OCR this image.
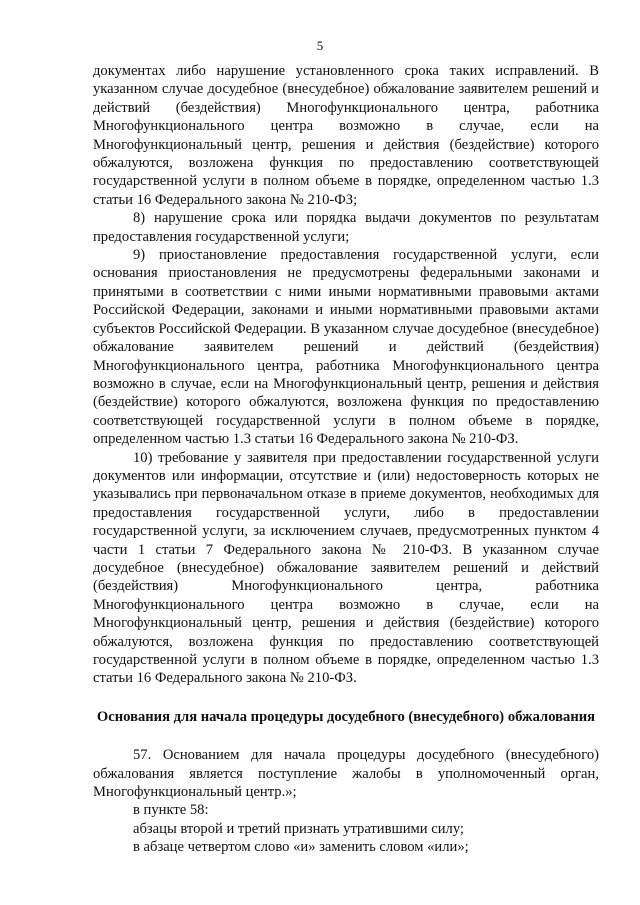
5

документах либо нарушение установленного срока таких исправлений. В указанном случае досудебное (внесудебное) обжалование заявителем решений и действий (бездействия) Многофункционального центра, работника Многофункционального центра возможно в случае, если на Многофункциональный центр, решения и действия (бездействие) которого обжалуются, возложена функция по предоставлению соответствующей государственной услуги в полном объеме в порядке, определенном частью 1.3 статьи 16 Федерального закона № 210-ФЗ;

8) нарушение срока или порядка выдачи документов по результатам предоставления государственной услуги;

9) приостановление предоставления государственной услуги, если основания приостановления не предусмотрены федеральными законами и принятыми в соответствии с ними иными нормативными правовыми актами Российской Федерации, законами и иными нормативными правовыми актами субъектов Российской Федерации. В указанном случае досудебное (внесудебное) обжалование заявителем решений и действий (бездействия) Многофункционального центра, работника Многофункционального центра возможно в случае, если на Многофункциональный центр, решения и действия (бездействие) которого обжалуются, возложена функция по предоставлению соответствующей государственной услуги в полном объеме в порядке, определенном частью 1.3 статьи 16 Федерального закона № 210-ФЗ.

10) требование у заявителя при предоставлении государственной услуги документов или информации, отсутствие и (или) недостоверность которых не указывались при первоначальном отказе в приеме документов, необходимых для предоставления государственной услуги, либо в предоставлении государственной услуги, за исключением случаев, предусмотренных пунктом 4 части 1 статьи 7 Федерального закона № 210-ФЗ. В указанном случае досудебное (внесудебное) обжалование заявителем решений и действий (бездействия) Многофункционального центра, работника Многофункционального центра возможно в случае, если на Многофункциональный центр, решения и действия (бездействие) которого обжалуются, возложена функция по предоставлению соответствующей государственной услуги в полном объеме в порядке, определенном частью 1.3 статьи 16 Федерального закона № 210-ФЗ.

Основания для начала процедуры досудебного (внесудебного) обжалования

57. Основанием для начала процедуры досудебного (внесудебного) обжалования является поступление жалобы в уполномоченный орган, Многофункциональный центр.»;

в пункте 58:

абзацы второй и третий признать утратившими силу;

в абзаце четвертом слово «и» заменить словом «или»;
